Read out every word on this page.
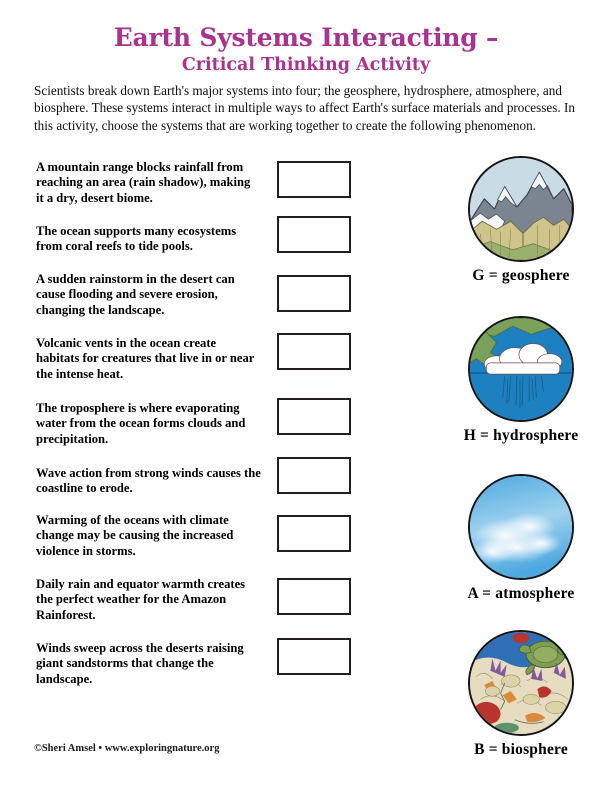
Earth Systems Interacting –
Critical Thinking Activity
Scientists break down Earth's major systems into four; the geosphere, hydrosphere, atmosphere, and biosphere. These systems interact in multiple ways to affect Earth's surface materials and processes. In this activity, choose the systems that are working together to create the following phenomenon.
A mountain range blocks rainfall from reaching an area (rain shadow), making it a dry, desert biome.
The ocean supports many ecosystems from coral reefs to tide pools.
A sudden rainstorm in the desert can cause flooding and severe erosion, changing the landscape.
Volcanic vents in the ocean create habitats for creatures that live in or near the intense heat.
The troposphere is where evaporating water from the ocean forms clouds and precipitation.
Wave action from strong winds causes the coastline to erode.
Warming of the oceans with climate change may be causing the increased violence in storms.
Daily rain and equator warmth creates the perfect weather for the Amazon Rainforest.
Winds sweep across the deserts raising giant sandstorms that change the landscape.
G = geosphere
H = hydrosphere
A = atmosphere
B = biosphere
©Sheri Amsel • www.exploringnature.org
